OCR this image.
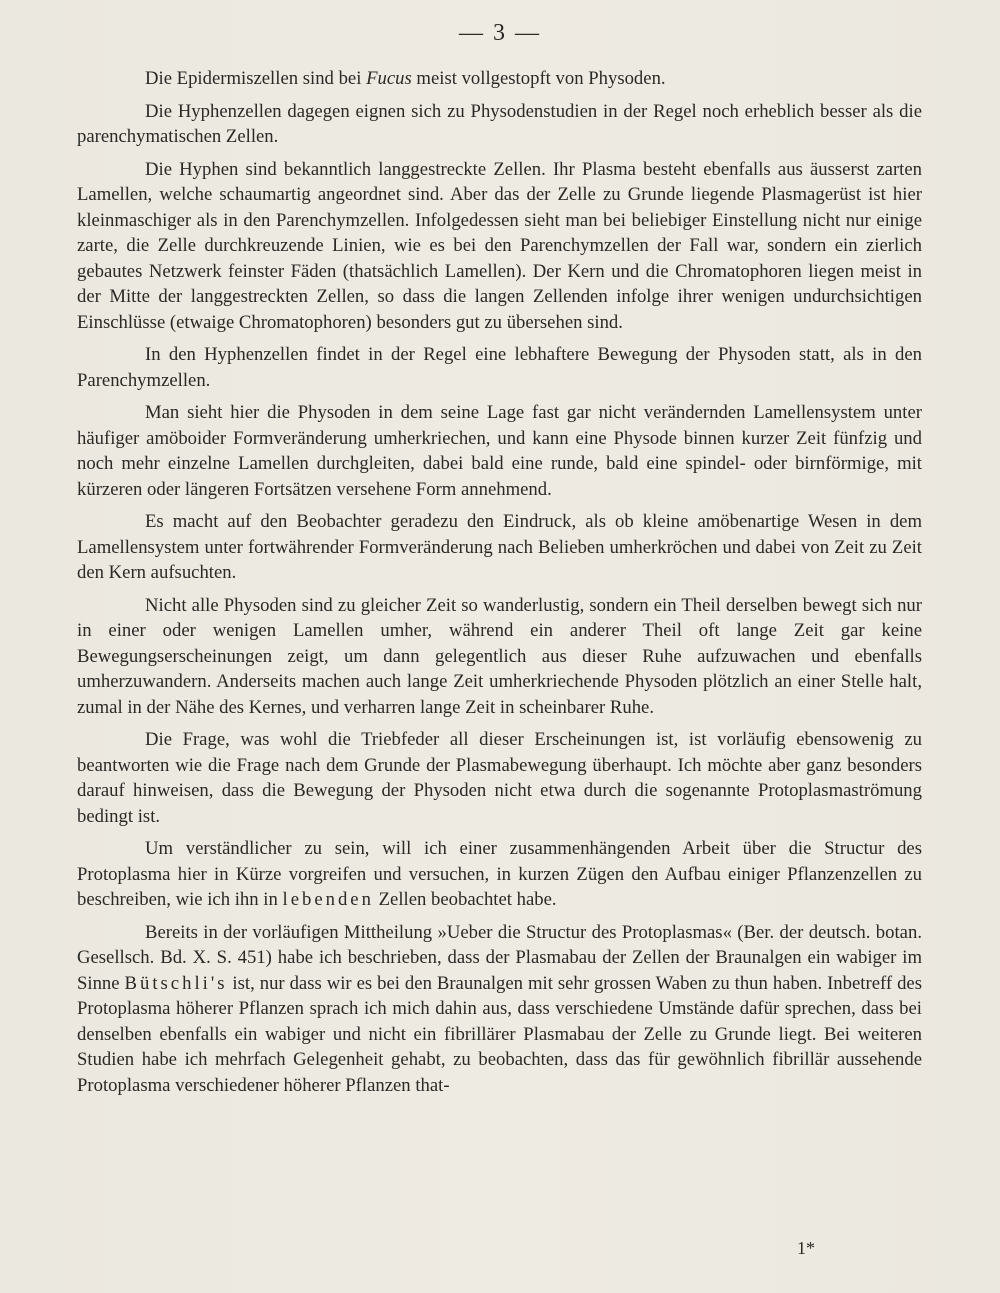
— 3 —

Die Epidermiszellen sind bei Fucus meist vollgestopft von Physoden.

Die Hyphenzellen dagegen eignen sich zu Physodenstudien in der Regel noch erheblich besser als die parenchymatischen Zellen.

Die Hyphen sind bekanntlich langgestreckte Zellen. Ihr Plasma besteht ebenfalls aus äusserst zarten Lamellen, welche schaumartig angeordnet sind. Aber das der Zelle zu Grunde liegende Plasmagerüst ist hier kleinmaschiger als in den Parenchymzellen. Infolgedessen sieht man bei beliebiger Einstellung nicht nur einige zarte, die Zelle durchkreuzende Linien, wie es bei den Parenchymzellen der Fall war, sondern ein zierlich gebautes Netzwerk feinster Fäden (thatsächlich Lamellen). Der Kern und die Chromatophoren liegen meist in der Mitte der langgestreckten Zellen, so dass die langen Zellenden infolge ihrer wenigen undurchsichtigen Einschlüsse (etwaige Chromatophoren) besonders gut zu übersehen sind.

In den Hyphenzellen findet in der Regel eine lebhaftere Bewegung der Physoden statt, als in den Parenchymzellen.

Man sieht hier die Physoden in dem seine Lage fast gar nicht verändernden Lamellensystem unter häufiger amöboider Formveränderung umherkriechen, und kann eine Physode binnen kurzer Zeit fünfzig und noch mehr einzelne Lamellen durchgleiten, dabei bald eine runde, bald eine spindel- oder birnförmige, mit kürzeren oder längeren Fortsätzen versehene Form annehmend.

Es macht auf den Beobachter geradezu den Eindruck, als ob kleine amöbenartige Wesen in dem Lamellensystem unter fortwährender Formveränderung nach Belieben umherkröchen und dabei von Zeit zu Zeit den Kern aufsuchten.

Nicht alle Physoden sind zu gleicher Zeit so wanderlustig, sondern ein Theil derselben bewegt sich nur in einer oder wenigen Lamellen umher, während ein anderer Theil oft lange Zeit gar keine Bewegungserscheinungen zeigt, um dann gelegentlich aus dieser Ruhe aufzuwachen und ebenfalls umherzuwandern. Anderseits machen auch lange Zeit umherkriechende Physoden plötzlich an einer Stelle halt, zumal in der Nähe des Kernes, und verharren lange Zeit in scheinbarer Ruhe.

Die Frage, was wohl die Triebfeder all dieser Erscheinungen ist, ist vorläufig ebensowenig zu beantworten wie die Frage nach dem Grunde der Plasmabewegung überhaupt. Ich möchte aber ganz besonders darauf hinweisen, dass die Bewegung der Physoden nicht etwa durch die sogenannte Protoplasmaströmung bedingt ist.

Um verständlicher zu sein, will ich einer zusammenhängenden Arbeit über die Structur des Protoplasma hier in Kürze vorgreifen und versuchen, in kurzen Zügen den Aufbau einiger Pflanzenzellen zu beschreiben, wie ich ihn in lebenden Zellen beobachtet habe.

Bereits in der vorläufigen Mittheilung »Ueber die Structur des Protoplasmas« (Ber. der deutsch. botan. Gesellsch. Bd. X. S. 451) habe ich beschrieben, dass der Plasmabau der Zellen der Braunalgen ein wabiger im Sinne Bütschli's ist, nur dass wir es bei den Braunalgen mit sehr grossen Waben zu thun haben. Inbetreff des Protoplasma höherer Pflanzen sprach ich mich dahin aus, dass verschiedene Umstände dafür sprechen, dass bei denselben ebenfalls ein wabiger und nicht ein fibrillärer Plasmabau der Zelle zu Grunde liegt. Bei weiteren Studien habe ich mehrfach Gelegenheit gehabt, zu beobachten, dass das für gewöhnlich fibrillär aussehende Protoplasma verschiedener höherer Pflanzen that-

1*
